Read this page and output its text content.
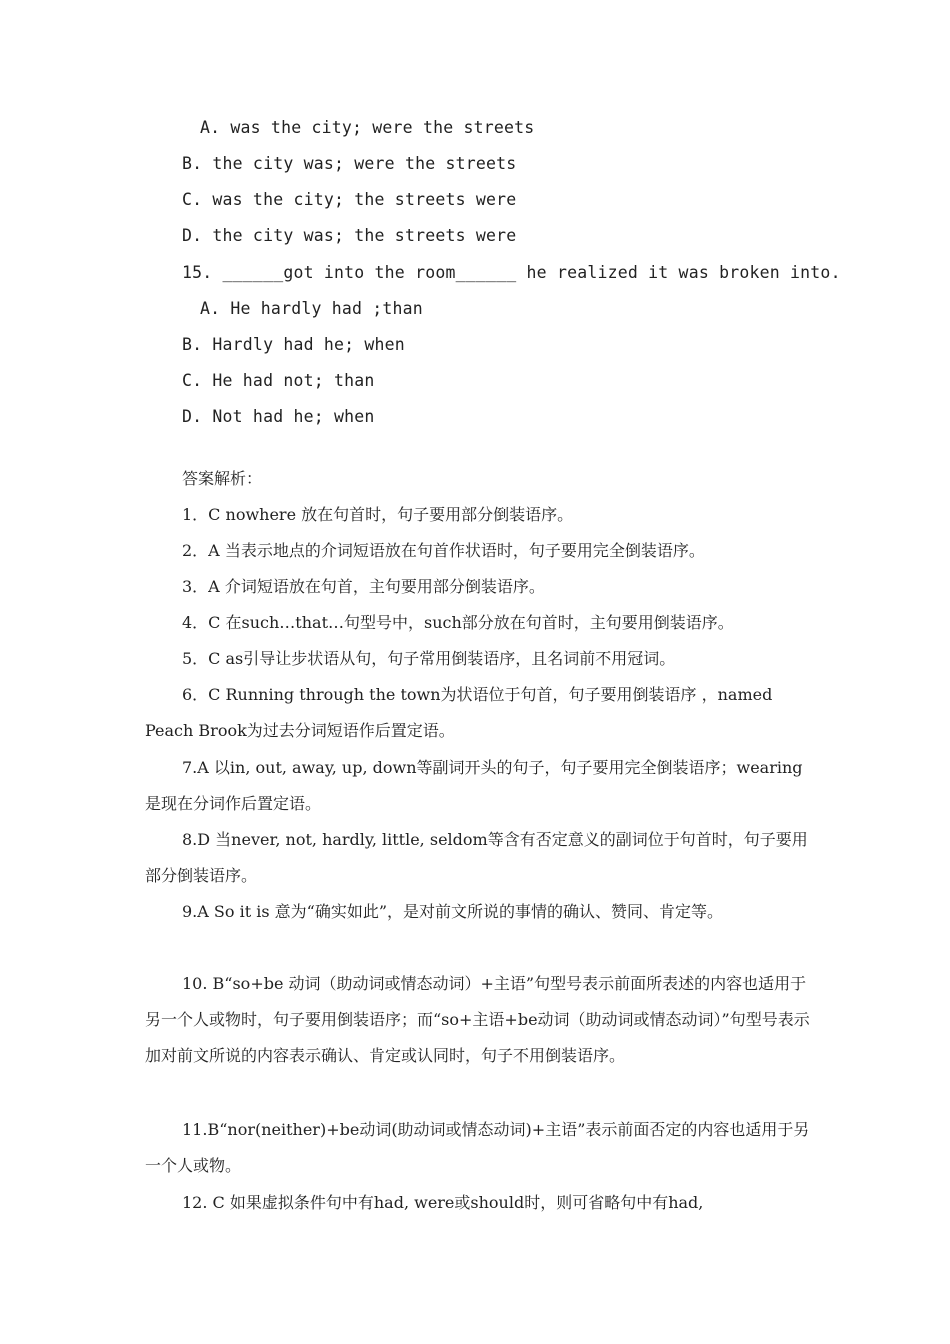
A. was the city; were the streets
B. the city was; were the streets
C. was the city; the streets were
D. the city was; the streets were
15. ______got into the room______ he realized it was broken into.
A. He hardly had ;than
B. Hardly had he; when
C. He had not; than
D. Not had he; when
答案解析：
1．C nowhere 放在句首时，句子要用部分倒装语序。
2．A 当表示地点的介词短语放在句首作状语时，句子要用完全倒装语序。
3．A 介词短语放在句首，主句要用部分倒装语序。
4．C 在such…that…句型号中，such部分放在句首时，主句要用倒装语序。
5．C as引导让步状语从句，句子常用倒装语序，且名词前不用冠词。
6．C Running through the town为状语位于句首，句子要用倒装语序 ，named Peach Brook为过去分词短语作后置定语。
7.A 以in, out, away, up, down等副词开头的句子，句子要用完全倒装语序；wearing是现在分词作后置定语。
8.D 当never, not, hardly, little, seldom等含有否定意义的副词位于句首时，句子要用部分倒装语序。
9.A So it is 意为“确实如此”，是对前文所说的事情的确认、赞同、肯定等。
10. B“so+be 动词（助动词或情态动词）+主语”句型号表示前面所表述的内容也适用于另一个人或物时，句子要用倒装语序；而“so+主语+be动词（助动词或情态动词）”句型号表示加对前文所说的内容表示确认、肯定或认同时，句子不用倒装语序。
11.B“nor(neither)+be动词(助动词或情态动词)+主语”表示前面否定的内容也适用于另一个人或物。
12. C 如果虚拟条件句中有had, were或should时，则可省略句中有had,
